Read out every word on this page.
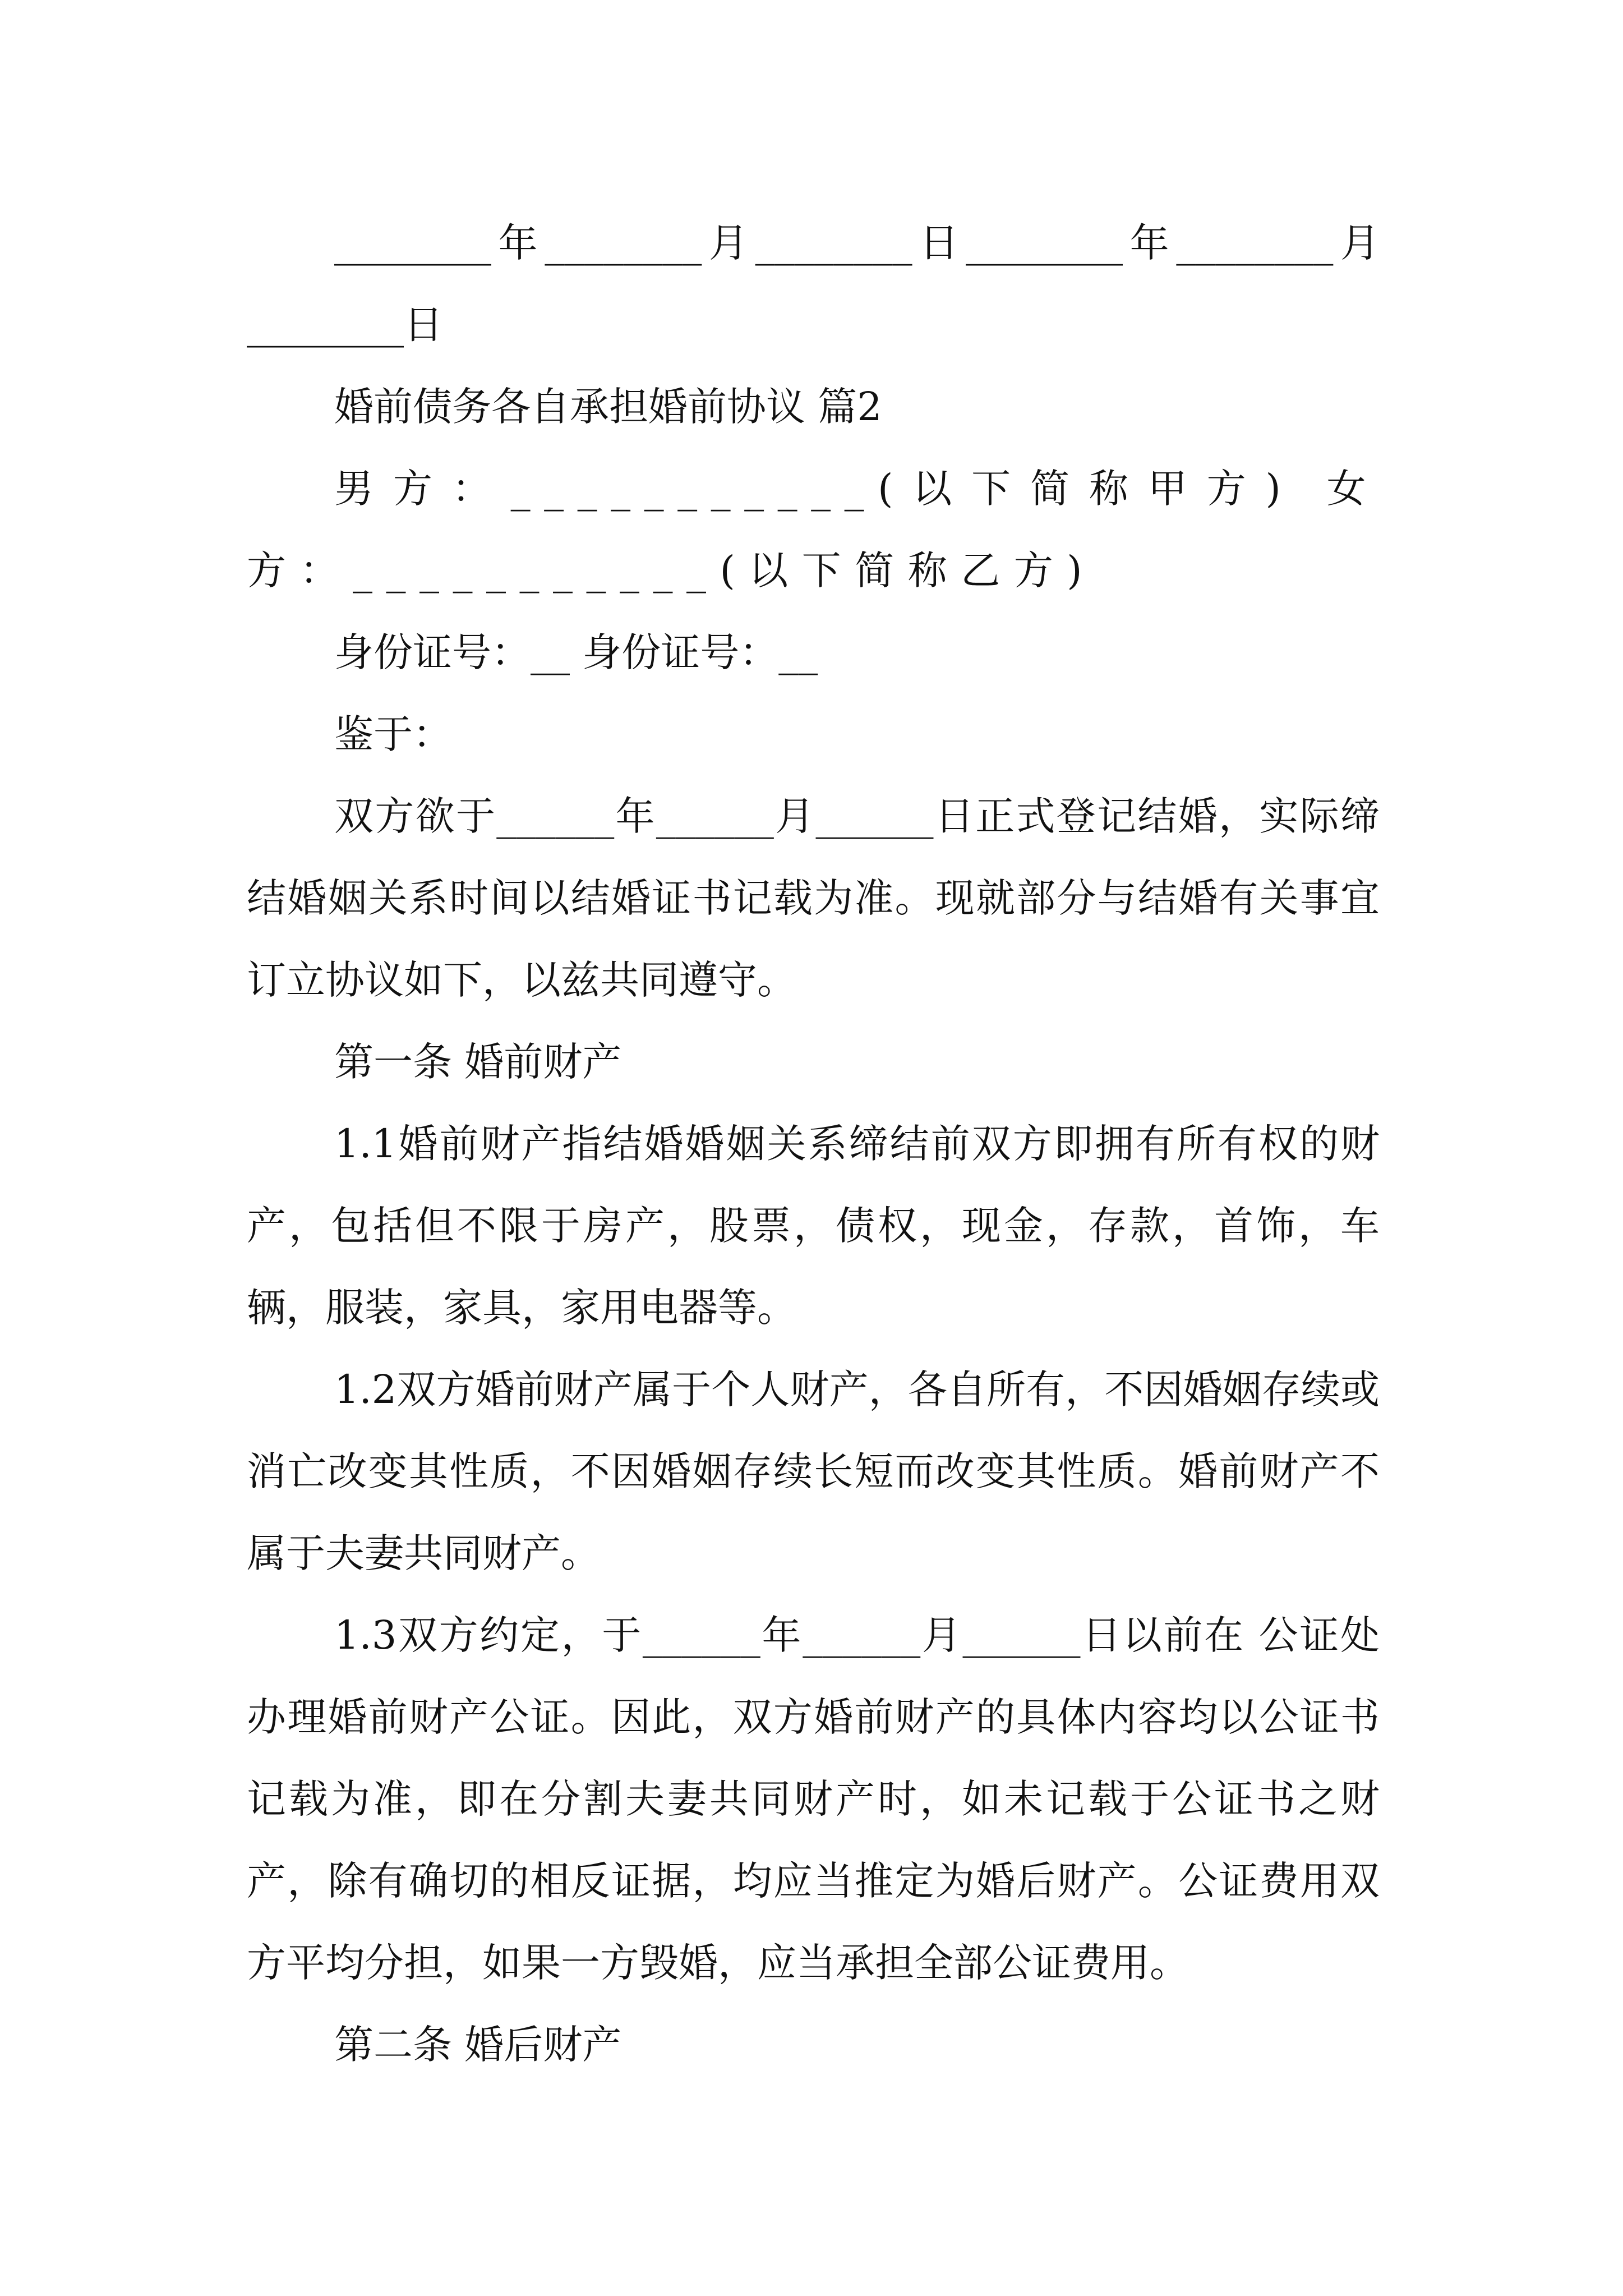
________年________月________日________年________月________日

婚前债务各自承担婚前协议 篇2

男方：___________(以下简称甲方) 女方：___________(以下简称乙方)

身份证号：__ 身份证号：__

鉴于：

双方欲于______年______月______日正式登记结婚，实际缔结婚姻关系时间以结婚证书记载为准。现就部分与结婚有关事宜订立协议如下，以兹共同遵守。

第一条 婚前财产

1.1婚前财产指结婚婚姻关系缔结前双方即拥有所有权的财产，包括但不限于房产，股票，债权，现金，存款，首饰，车辆，服装，家具，家用电器等。

1.2双方婚前财产属于个人财产，各自所有，不因婚姻存续或消亡改变其性质，不因婚姻存续长短而改变其性质。婚前财产不属于夫妻共同财产。

1.3双方约定，于______年______月______日以前在 公证处办理婚前财产公证。因此，双方婚前财产的具体内容均以公证书记载为准，即在分割夫妻共同财产时，如未记载于公证书之财产，除有确切的相反证据，均应当推定为婚后财产。公证费用双方平均分担，如果一方毁婚，应当承担全部公证费用。

第二条 婚后财产
